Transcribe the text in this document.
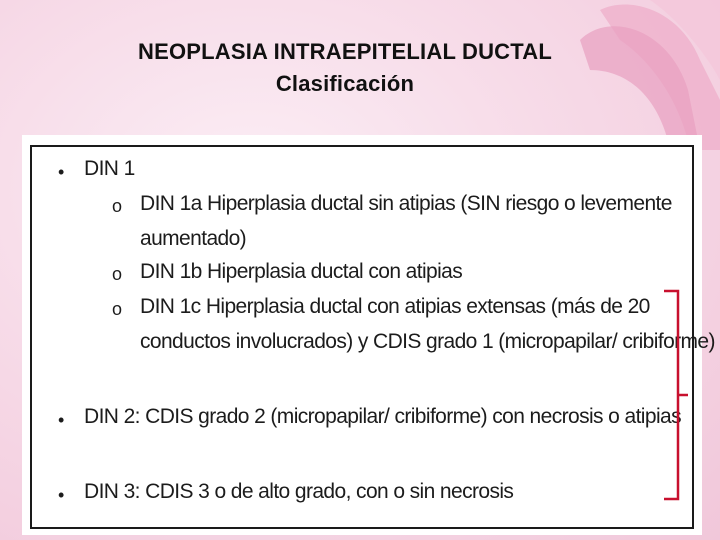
NEOPLASIA INTRAEPITELIAL DUCTAL
Clasificación
• DIN 1
o DIN 1a Hiperplasia ductal sin atipias (SIN riesgo o levemente
aumentado)
o DIN 1b Hiperplasia ductal con atipias
o DIN 1c Hiperplasia ductal con atipias extensas (más de 20
conductos involucrados) y CDIS grado 1 (micropapilar/ cribiforme)
• DIN 2: CDIS grado 2 (micropapilar/ cribiforme) con necrosis o atipias
• DIN 3: CDIS 3 o de alto grado, con o sin necrosis
